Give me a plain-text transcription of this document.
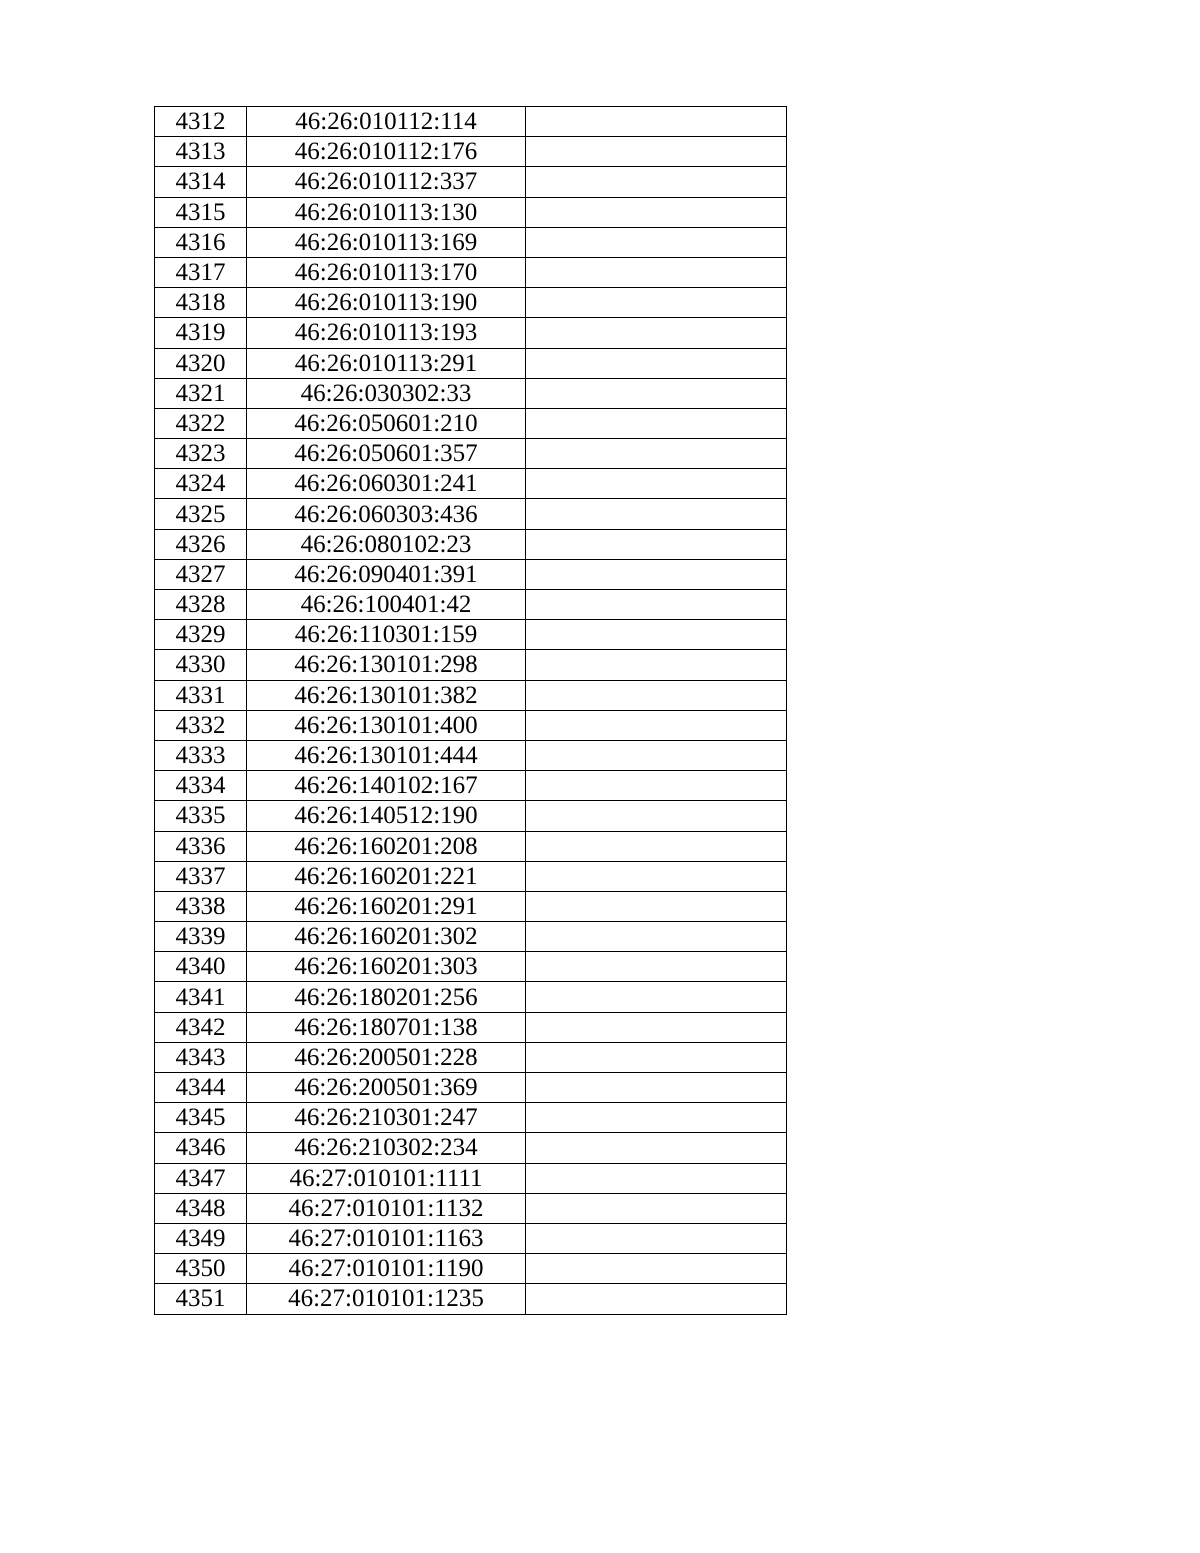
4312	46:26:010112:114	
4313	46:26:010112:176	
4314	46:26:010112:337	
4315	46:26:010113:130	
4316	46:26:010113:169	
4317	46:26:010113:170	
4318	46:26:010113:190	
4319	46:26:010113:193	
4320	46:26:010113:291	
4321	46:26:030302:33	
4322	46:26:050601:210	
4323	46:26:050601:357	
4324	46:26:060301:241	
4325	46:26:060303:436	
4326	46:26:080102:23	
4327	46:26:090401:391	
4328	46:26:100401:42	
4329	46:26:110301:159	
4330	46:26:130101:298	
4331	46:26:130101:382	
4332	46:26:130101:400	
4333	46:26:130101:444	
4334	46:26:140102:167	
4335	46:26:140512:190	
4336	46:26:160201:208	
4337	46:26:160201:221	
4338	46:26:160201:291	
4339	46:26:160201:302	
4340	46:26:160201:303	
4341	46:26:180201:256	
4342	46:26:180701:138	
4343	46:26:200501:228	
4344	46:26:200501:369	
4345	46:26:210301:247	
4346	46:26:210302:234	
4347	46:27:010101:1111	
4348	46:27:010101:1132	
4349	46:27:010101:1163	
4350	46:27:010101:1190	
4351	46:27:010101:1235	
